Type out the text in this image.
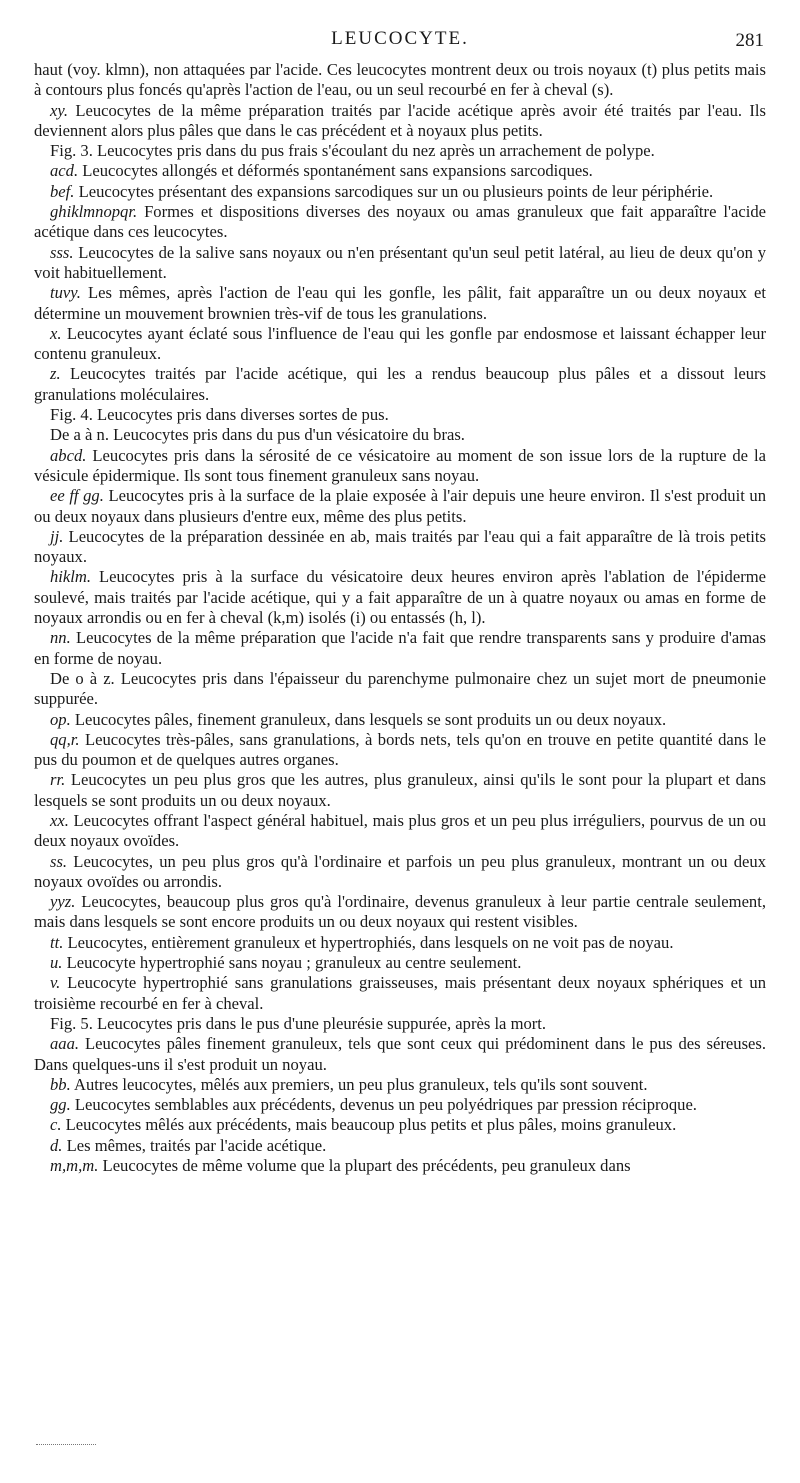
LEUCOCYTE.	281

haut (voy. klmn), non attaquées par l'acide. Ces leucocytes montrent deux ou trois noyaux (t) plus petits mais à contours plus foncés qu'après l'action de l'eau, ou un seul recourbé en fer à cheval (s).

xy. Leucocytes de la même préparation traités par l'acide acétique après avoir été traités par l'eau. Ils deviennent alors plus pâles que dans le cas précédent et à noyaux plus petits.

Fig. 3. Leucocytes pris dans du pus frais s'écoulant du nez après un arrachement de polype.

acd. Leucocytes allongés et déformés spontanément sans expansions sarcodiques.

bef. Leucocytes présentant des expansions sarcodiques sur un ou plusieurs points de leur périphérie.

ghiklmnopqr. Formes et dispositions diverses des noyaux ou amas granuleux que fait apparaître l'acide acétique dans ces leucocytes.

sss. Leucocytes de la salive sans noyaux ou n'en présentant qu'un seul petit latéral, au lieu de deux qu'on y voit habituellement.

tuvy. Les mêmes, après l'action de l'eau qui les gonfle, les pâlit, fait apparaître un ou deux noyaux et détermine un mouvement brownien très-vif de tous les granulations.

x. Leucocytes ayant éclaté sous l'influence de l'eau qui les gonfle par endosmose et laissant échapper leur contenu granuleux.

z. Leucocytes traités par l'acide acétique, qui les a rendus beaucoup plus pâles et a dissout leurs granulations moléculaires.

Fig. 4. Leucocytes pris dans diverses sortes de pus.

De a à n. Leucocytes pris dans du pus d'un vésicatoire du bras.

abcd. Leucocytes pris dans la sérosité de ce vésicatoire au moment de son issue lors de la rupture de la vésicule épidermique. Ils sont tous finement granuleux sans noyau.

ee ff gg. Leucocytes pris à la surface de la plaie exposée à l'air depuis une heure environ. Il s'est produit un ou deux noyaux dans plusieurs d'entre eux, même des plus petits.

jj. Leucocytes de la préparation dessinée en ab, mais traités par l'eau qui a fait apparaître de là trois petits noyaux.

hiklm. Leucocytes pris à la surface du vésicatoire deux heures environ après l'ablation de l'épiderme soulevé, mais traités par l'acide acétique, qui y a fait apparaître de un à quatre noyaux ou amas en forme de noyaux arrondis ou en fer à cheval (k,m) isolés (i) ou entassés (h, l).

nn. Leucocytes de la même préparation que l'acide n'a fait que rendre transparents sans y produire d'amas en forme de noyau.

De o à z. Leucocytes pris dans l'épaisseur du parenchyme pulmonaire chez un sujet mort de pneumonie suppurée.

op. Leucocytes pâles, finement granuleux, dans lesquels se sont produits un ou deux noyaux.

qq,r. Leucocytes très-pâles, sans granulations, à bords nets, tels qu'on en trouve en petite quantité dans le pus du poumon et de quelques autres organes.

rr. Leucocytes un peu plus gros que les autres, plus granuleux, ainsi qu'ils le sont pour la plupart et dans lesquels se sont produits un ou deux noyaux.

xx. Leucocytes offrant l'aspect général habituel, mais plus gros et un peu plus irréguliers, pourvus de un ou deux noyaux ovoïdes.

ss. Leucocytes, un peu plus gros qu'à l'ordinaire et parfois un peu plus granuleux, montrant un ou deux noyaux ovoïdes ou arrondis.

yyz. Leucocytes, beaucoup plus gros qu'à l'ordinaire, devenus granuleux à leur partie centrale seulement, mais dans lesquels se sont encore produits un ou deux noyaux qui restent visibles.

tt. Leucocytes, entièrement granuleux et hypertrophiés, dans lesquels on ne voit pas de noyau.

u. Leucocyte hypertrophié sans noyau ; granuleux au centre seulement.

v. Leucocyte hypertrophié sans granulations graisseuses, mais présentant deux noyaux sphériques et un troisième recourbé en fer à cheval.

Fig. 5. Leucocytes pris dans le pus d'une pleurésie suppurée, après la mort.

aaa. Leucocytes pâles finement granuleux, tels que sont ceux qui prédominent dans le pus des séreuses. Dans quelques-uns il s'est produit un noyau.

bb. Autres leucocytes, mêlés aux premiers, un peu plus granuleux, tels qu'ils sont souvent.

gg. Leucocytes semblables aux précédents, devenus un peu polyédriques par pression réciproque.

c. Leucocytes mêlés aux précédents, mais beaucoup plus petits et plus pâles, moins granuleux.

d. Les mêmes, traités par l'acide acétique.

m,m,m. Leucocytes de même volume que la plupart des précédents, peu granuleux dans
